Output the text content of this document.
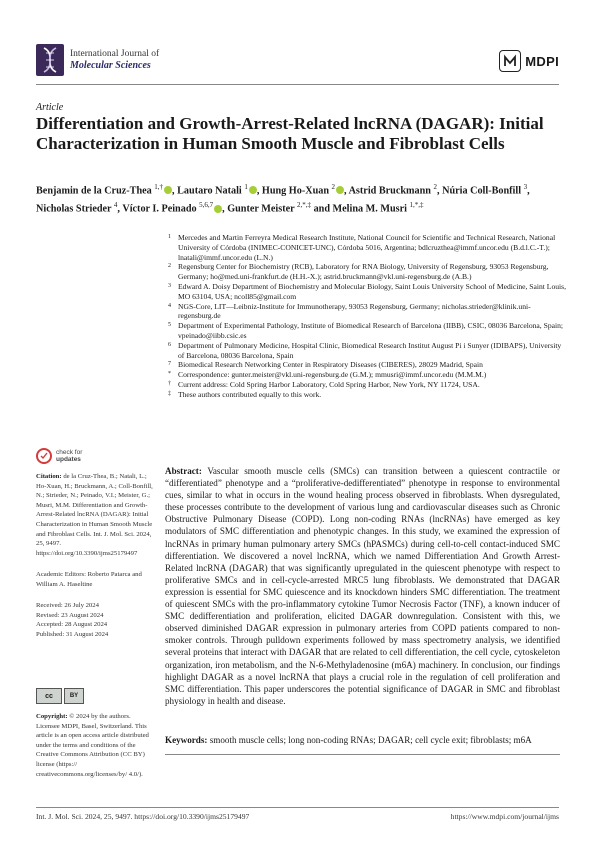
International Journal of
Molecular Sciences	MDPI
Article
Differentiation and Growth-Arrest-Related lncRNA (DAGAR): Initial Characterization in Human Smooth Muscle and Fibroblast Cells
Benjamin de la Cruz-Thea $^{1,\dagger}$ , Lautaro Natali $^1$ , Hung Ho-Xuan $^2$ , Astrid Bruckmann $^2$, Núria Coll-Bonfill $^3$, Nicholas Strieder $^4$, Víctor I. Peinado $^{5,6,7}$ , Gunter Meister $^{2,*,\ddagger}$ and Melina M. Musri $^{1,*,\ddagger}$
1 Mercedes and Martin Ferreyra Medical Research Institute, National Council for Scientific and Technical Research, National University of Córdoba (INIMEC-CONICET-UNC), Córdoba 5016, Argentina; bdlcruzthea@immf.uncor.edu (B.d.l.C.-T.); lnatali@immf.uncor.edu (L.N.)
2 Regensburg Center for Biochemistry (RCB), Laboratory for RNA Biology, University of Regensburg, 93053 Regensburg, Germany; ho@med.uni-frankfurt.de (H.H.-X.); astrid.bruckmann@vkl.uni-regensburg.de (A.B.)
3 Edward A. Doisy Department of Biochemistry and Molecular Biology, Saint Louis University School of Medicine, Saint Louis, MO 63104, USA; ncoll85@gmail.com
4 NGS-Core, LIT—Leibniz-Institute for Immunotherapy, 93053 Regensburg, Germany; nicholas.strieder@klinik.uni-regensburg.de
5 Department of Experimental Pathology, Institute of Biomedical Research of Barcelona (IIBB), CSIC, 08036 Barcelona, Spain; vpeinado@iibb.csic.es
6 Department of Pulmonary Medicine, Hospital Clinic, Biomedical Research Institut August Pi i Sunyer (IDIBAPS), University of Barcelona, 08036 Barcelona, Spain
7 Biomedical Research Networking Center in Respiratory Diseases (CIBERES), 28029 Madrid, Spain
* Correspondence: gunter.meister@vkl.uni-regensburg.de (G.M.); mmusri@immf.uncor.edu (M.M.M.)
† Current address: Cold Spring Harbor Laboratory, Cold Spring Harbor, New York, NY 11724, USA.
‡ These authors contributed equally to this work.
check for
updates
Citation: de la Cruz-Thea, B.; Natali, L.; Ho-Xuan, H.; Bruckmann, A.; Coll-Bonfill, N.; Strieder, N.; Peinado, V.I.; Meister, G.; Musri, M.M. Differentiation and Growth-Arrest-Related lncRNA (DAGAR): Initial Characterization in Human Smooth Muscle and Fibroblast Cells. Int. J. Mol. Sci. 2024, 25, 9497. https://doi.org/10.3390/ijms25179497
Academic Editors: Roberto Patarca and William A. Haseltine
Received: 26 July 2024
Revised: 23 August 2024
Accepted: 28 August 2024
Published: 31 August 2024
cc	BY
Copyright: © 2024 by the authors. Licensee MDPI, Basel, Switzerland. This article is an open access article distributed under the terms and conditions of the Creative Commons Attribution (CC BY) license (https:// creativecommons.org/licenses/by/ 4.0/).
Abstract: Vascular smooth muscle cells (SMCs) can transition between a quiescent contractile or “differentiated” phenotype and a “proliferative-dedifferentiated” phenotype in response to environmental cues, similar to what in occurs in the wound healing process observed in fibroblasts. When dysregulated, these processes contribute to the development of various lung and cardiovascular diseases such as Chronic Obstructive Pulmonary Disease (COPD). Long non-coding RNAs (lncRNAs) have emerged as key modulators of SMC differentiation and phenotypic changes. In this study, we examined the expression of lncRNAs in primary human pulmonary artery SMCs (hPASMCs) during cell-to-cell contact-induced SMC differentiation. We discovered a novel lncRNA, which we named Differentiation And Growth Arrest-Related lncRNA (DAGAR) that was significantly upregulated in the quiescent phenotype with respect to proliferative SMCs and in cell-cycle-arrested MRC5 lung fibroblasts. We demonstrated that DAGAR expression is essential for SMC quiescence and its knockdown hinders SMC differentiation. The treatment of quiescent SMCs with the pro-inflammatory cytokine Tumor Necrosis Factor (TNF), a known inducer of SMC dedifferentiation and proliferation, elicited DAGAR downregulation. Consistent with this, we observed diminished DAGAR expression in pulmonary arteries from COPD patients compared to non-smoker controls. Through pulldown experiments followed by mass spectrometry analysis, we identified several proteins that interact with DAGAR that are related to cell differentiation, the cell cycle, cytoskeleton organization, iron metabolism, and the N-6-Methyladenosine (m6A) machinery. In conclusion, our findings highlight DAGAR as a novel lncRNA that plays a crucial role in the regulation of cell proliferation and SMC differentiation. This paper underscores the potential significance of DAGAR in SMC and fibroblast physiology in health and disease.
Keywords: smooth muscle cells; long non-coding RNAs; DAGAR; cell cycle exit; fibroblasts; m6A
Int. J. Mol. Sci. 2024, 25, 9497. https://doi.org/10.3390/ijms25179497	https://www.mdpi.com/journal/ijms
